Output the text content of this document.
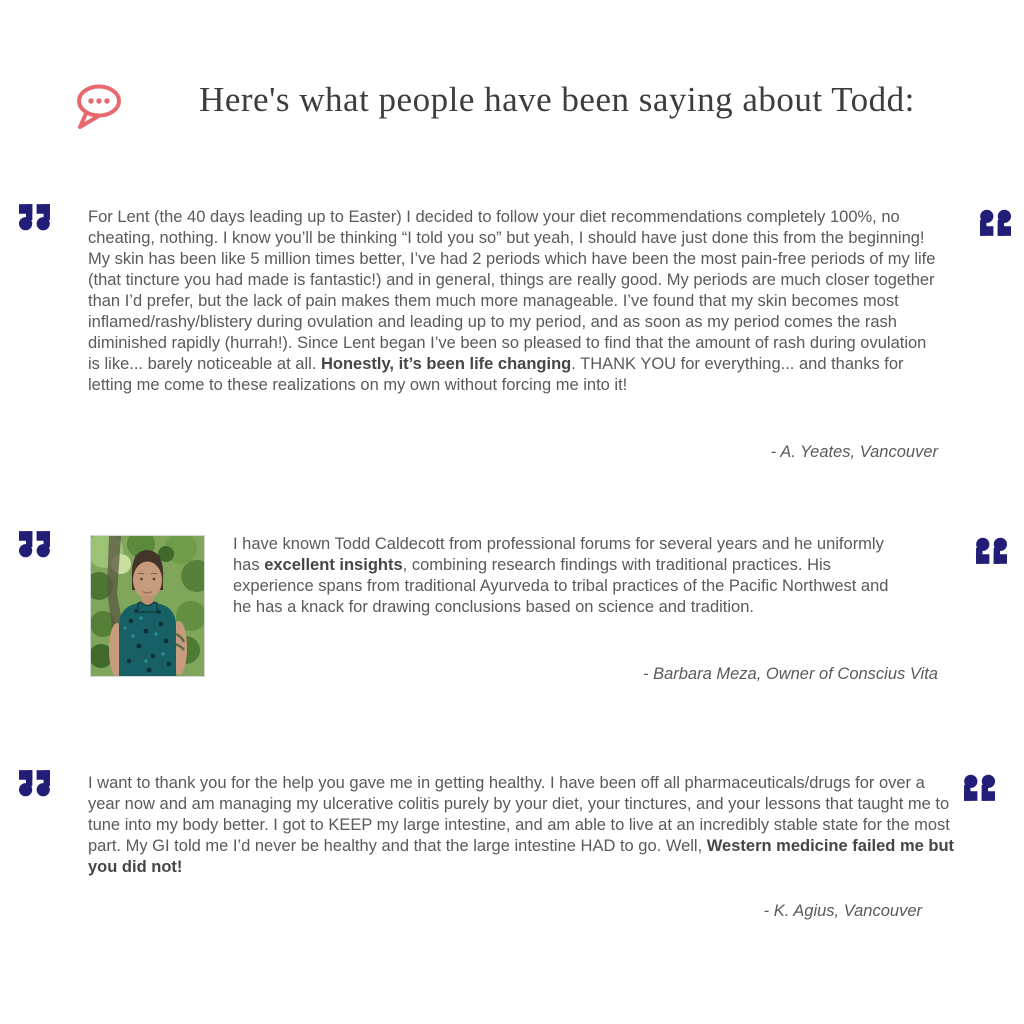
Here's what people have been saying about Todd:
For Lent (the 40 days leading up to Easter) I decided to follow your diet recommendations completely 100%, no cheating, nothing. I know you’ll be thinking “I told you so” but yeah, I should have just done this from the beginning! My skin has been like 5 million times better, I’ve had 2 periods which have been the most pain-free periods of my life (that tincture you had made is fantastic!) and in general, things are really good. My periods are much closer together than I’d prefer, but the lack of pain makes them much more manageable. I’ve found that my skin becomes most inflamed/rashy/blistery during ovulation and leading up to my period, and as soon as my period comes the rash diminished rapidly (hurrah!). Since Lent began I’ve been so pleased to find that the amount of rash during ovulation is like... barely noticeable at all. Honestly, it’s been life changing. THANK YOU for everything... and thanks for letting me come to these realizations on my own without forcing me into it!
- A. Yeates, Vancouver
I have known Todd Caldecott from professional forums for several years and he uniformly has excellent insights, combining research findings with traditional practices. His experience spans from traditional Ayurveda to tribal practices of the Pacific Northwest and he has a knack for drawing conclusions based on science and tradition.
- Barbara Meza, Owner of Conscius Vita
I want to thank you for the help you gave me in getting healthy. I have been off all pharmaceuticals/drugs for over a year now and am managing my ulcerative colitis purely by your diet, your tinctures, and your lessons that taught me to tune into my body better. I got to KEEP my large intestine, and am able to live at an incredibly stable state for the most part. My GI told me I’d never be healthy and that the large intestine HAD to go. Well, Western medicine failed me but you did not!
- K. Agius, Vancouver
